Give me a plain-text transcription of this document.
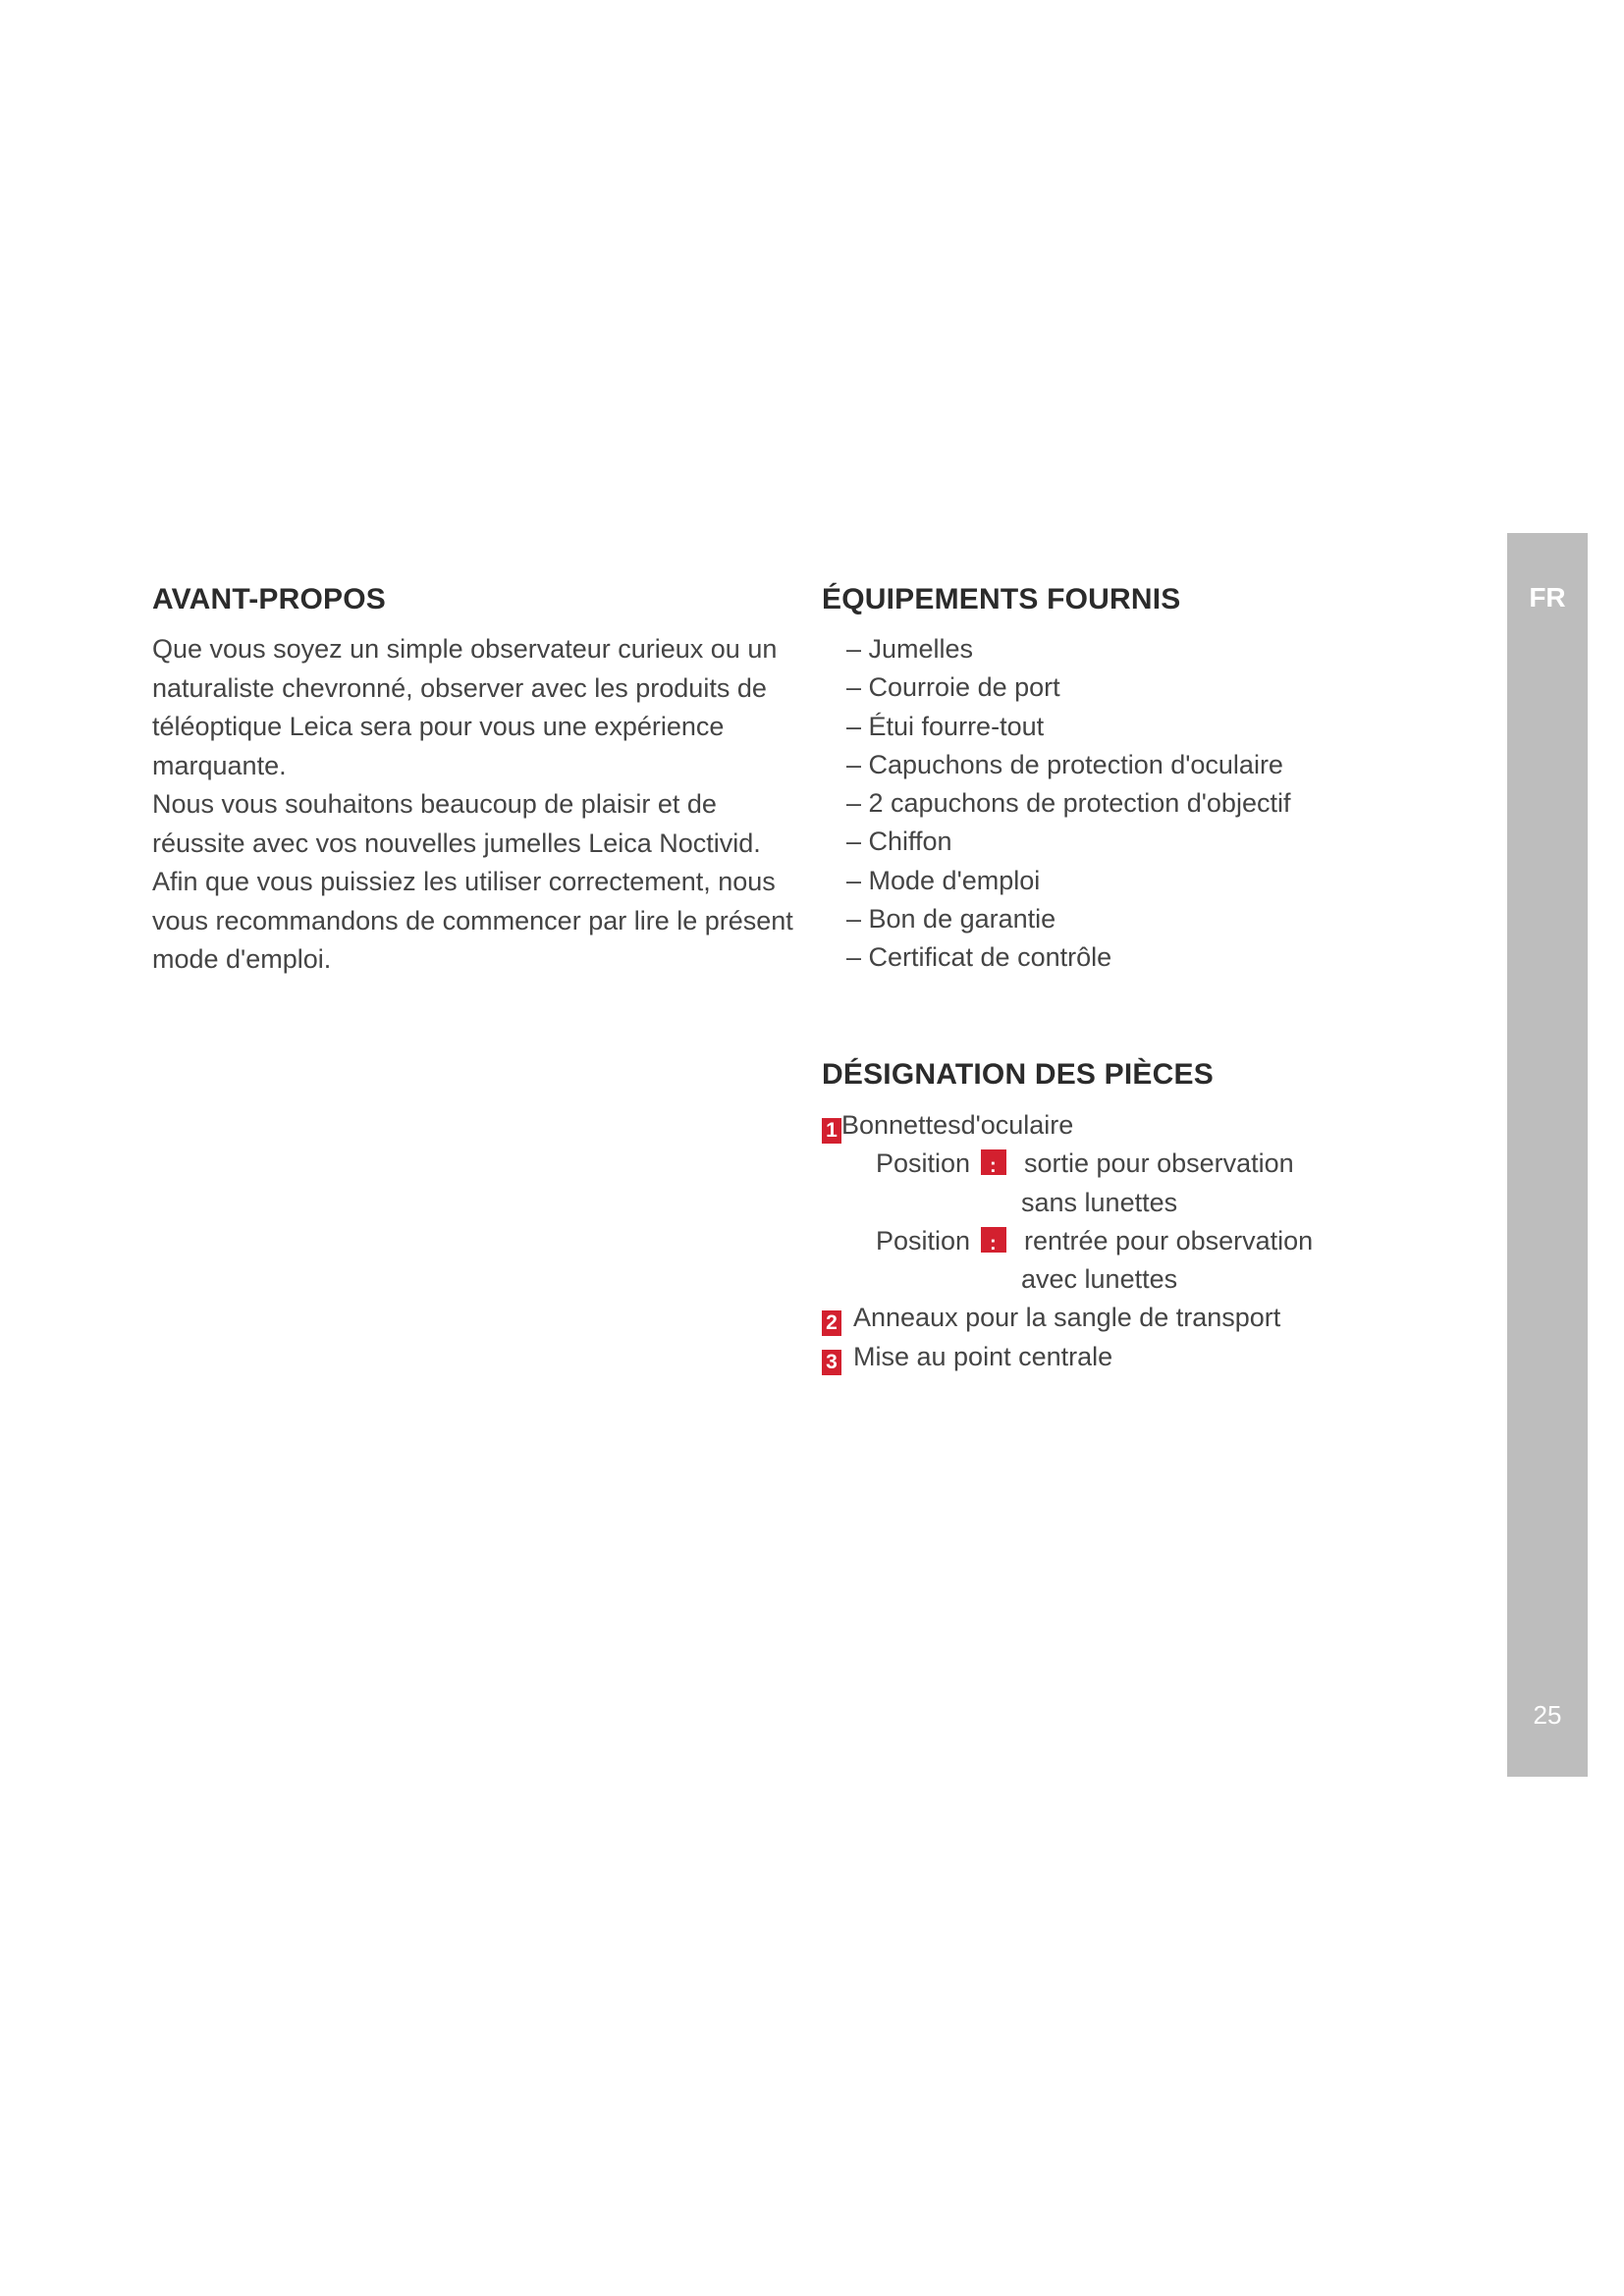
AVANT-PROPOS

Que vous soyez un simple observateur curieux ou un naturaliste chevronné, observer avec les produits de téléoptique Leica sera pour vous une expérience marquante.

Nous vous souhaitons beaucoup de plaisir et de réussite avec vos nouvelles jumelles Leica Noctivid. Afin que vous puissiez les utiliser correctement, nous vous recommandons de commencer par lire le présent mode d'emploi.

ÉQUIPEMENTS FOURNIS
– Jumelles
– Courroie de port
– Étui fourre-tout
– Capuchons de protection d'oculaire
– 2 capuchons de protection d'objectif
– Chiffon
– Mode d'emploi
– Bon de garantie
– Certificat de contrôle
DÉSIGNATION DES PIÈCES
1 Bonnettesd'oculaire
Position : sortie pour observation
sans lunettes
Position : rentrée pour observation
avec lunettes
2 Anneaux pour la sangle de transport
3 Mise au point centrale
FR
25
